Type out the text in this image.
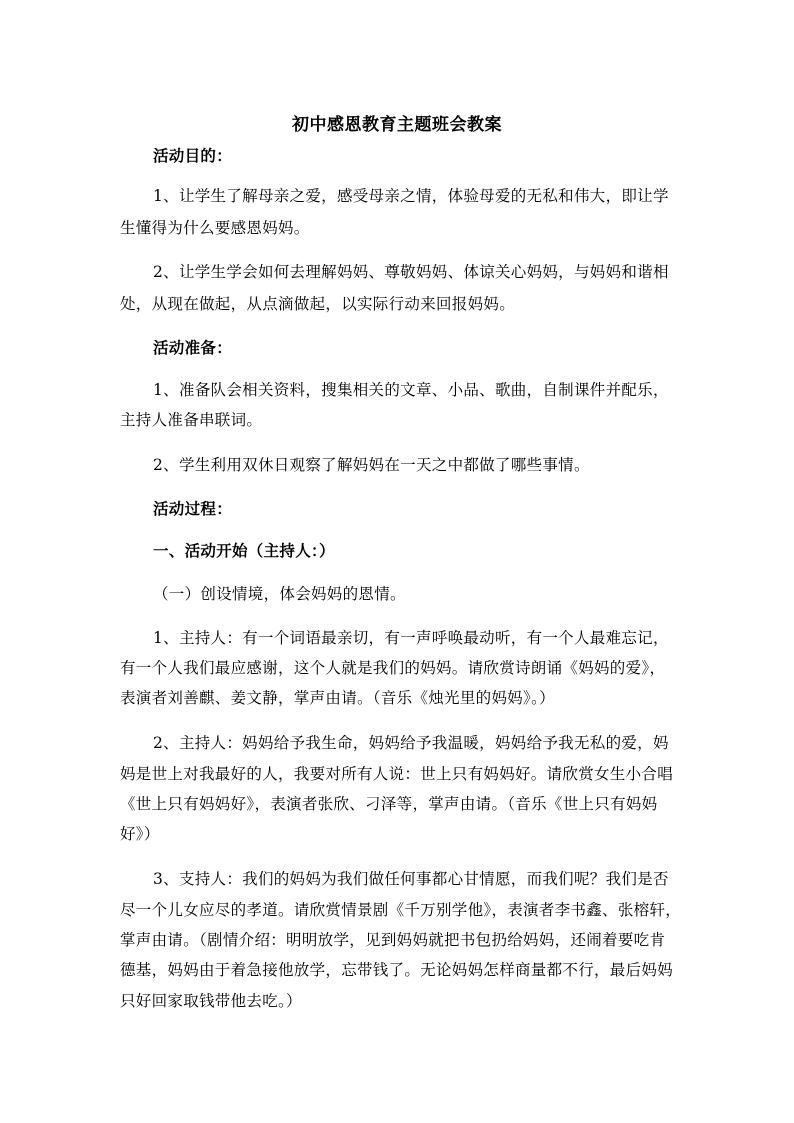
初中感恩教育主题班会教案
活动目的：
1、让学生了解母亲之爱，感受母亲之情，体验母爱的无私和伟大，即让学
生懂得为什么要感恩妈妈。
2、让学生学会如何去理解妈妈、尊敬妈妈、体谅关心妈妈，与妈妈和谐相
处，从现在做起，从点滴做起，以实际行动来回报妈妈。
活动准备：
1、准备队会相关资料，搜集相关的文章、小品、歌曲，自制课件并配乐，
主持人准备串联词。
2、学生利用双休日观察了解妈妈在一天之中都做了哪些事情。
活动过程：
一、活动开始（主持人：）
（一）创设情境，体会妈妈的恩情。
1、主持人：有一个词语最亲切，有一声呼唤最动听，有一个人最难忘记，
有一个人我们最应感谢，这个人就是我们的妈妈。请欣赏诗朗诵《妈妈的爱》，
表演者刘善麒、姜文静，掌声由请。（音乐《烛光里的妈妈》。）
2、主持人：妈妈给予我生命，妈妈给予我温暖，妈妈给予我无私的爱，妈
妈是世上对我最好的人，我要对所有人说：世上只有妈妈好。请欣赏女生小合唱
《世上只有妈妈好》，表演者张欣、刁泽等，掌声由请。（音乐《世上只有妈妈
好》）
3、支持人：我们的妈妈为我们做任何事都心甘情愿，而我们呢？我们是否
尽一个儿女应尽的孝道。请欣赏情景剧《千万别学他》，表演者李书鑫、张榕轩，
掌声由请。（剧情介绍：明明放学，见到妈妈就把书包扔给妈妈，还闹着要吃肯
德基，妈妈由于着急接他放学，忘带钱了。无论妈妈怎样商量都不行，最后妈妈
只好回家取钱带他去吃。）
